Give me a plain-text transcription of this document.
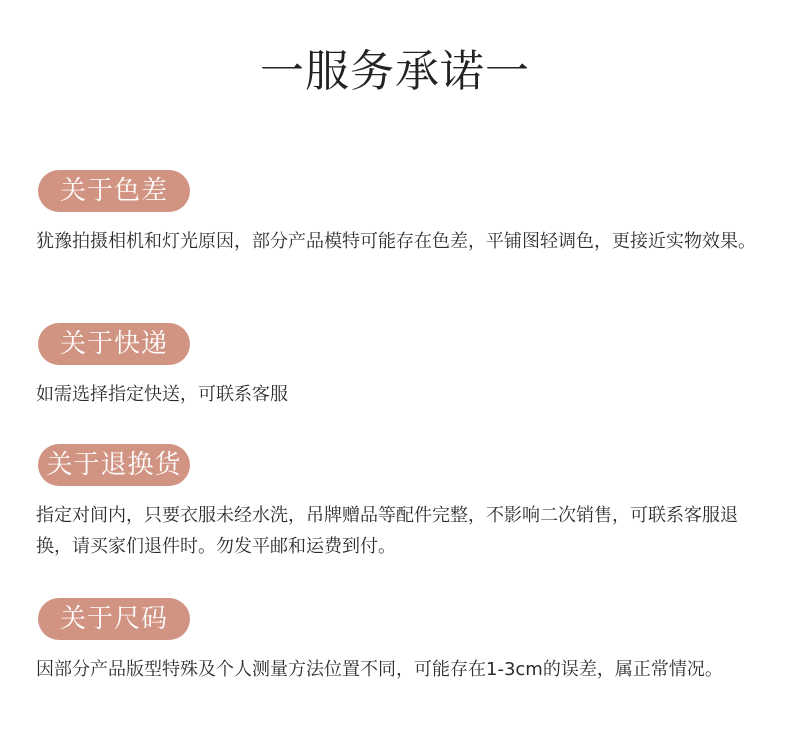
一服务承诺一
关于色差
犹豫拍摄相机和灯光原因，部分产品模特可能存在色差，平铺图轻调色，更接近实物效果。
关于快递
如需选择指定快送，可联系客服
关于退换货
指定对间内，只要衣服未经水洗，吊牌赠品等配件完整，不影响二次销售，可联系客服退换，请买家们退件时。勿发平邮和运费到付。
关于尺码
因部分产品版型特殊及个人测量方法位置不同，可能存在1-3cm的误差，属正常情况。
